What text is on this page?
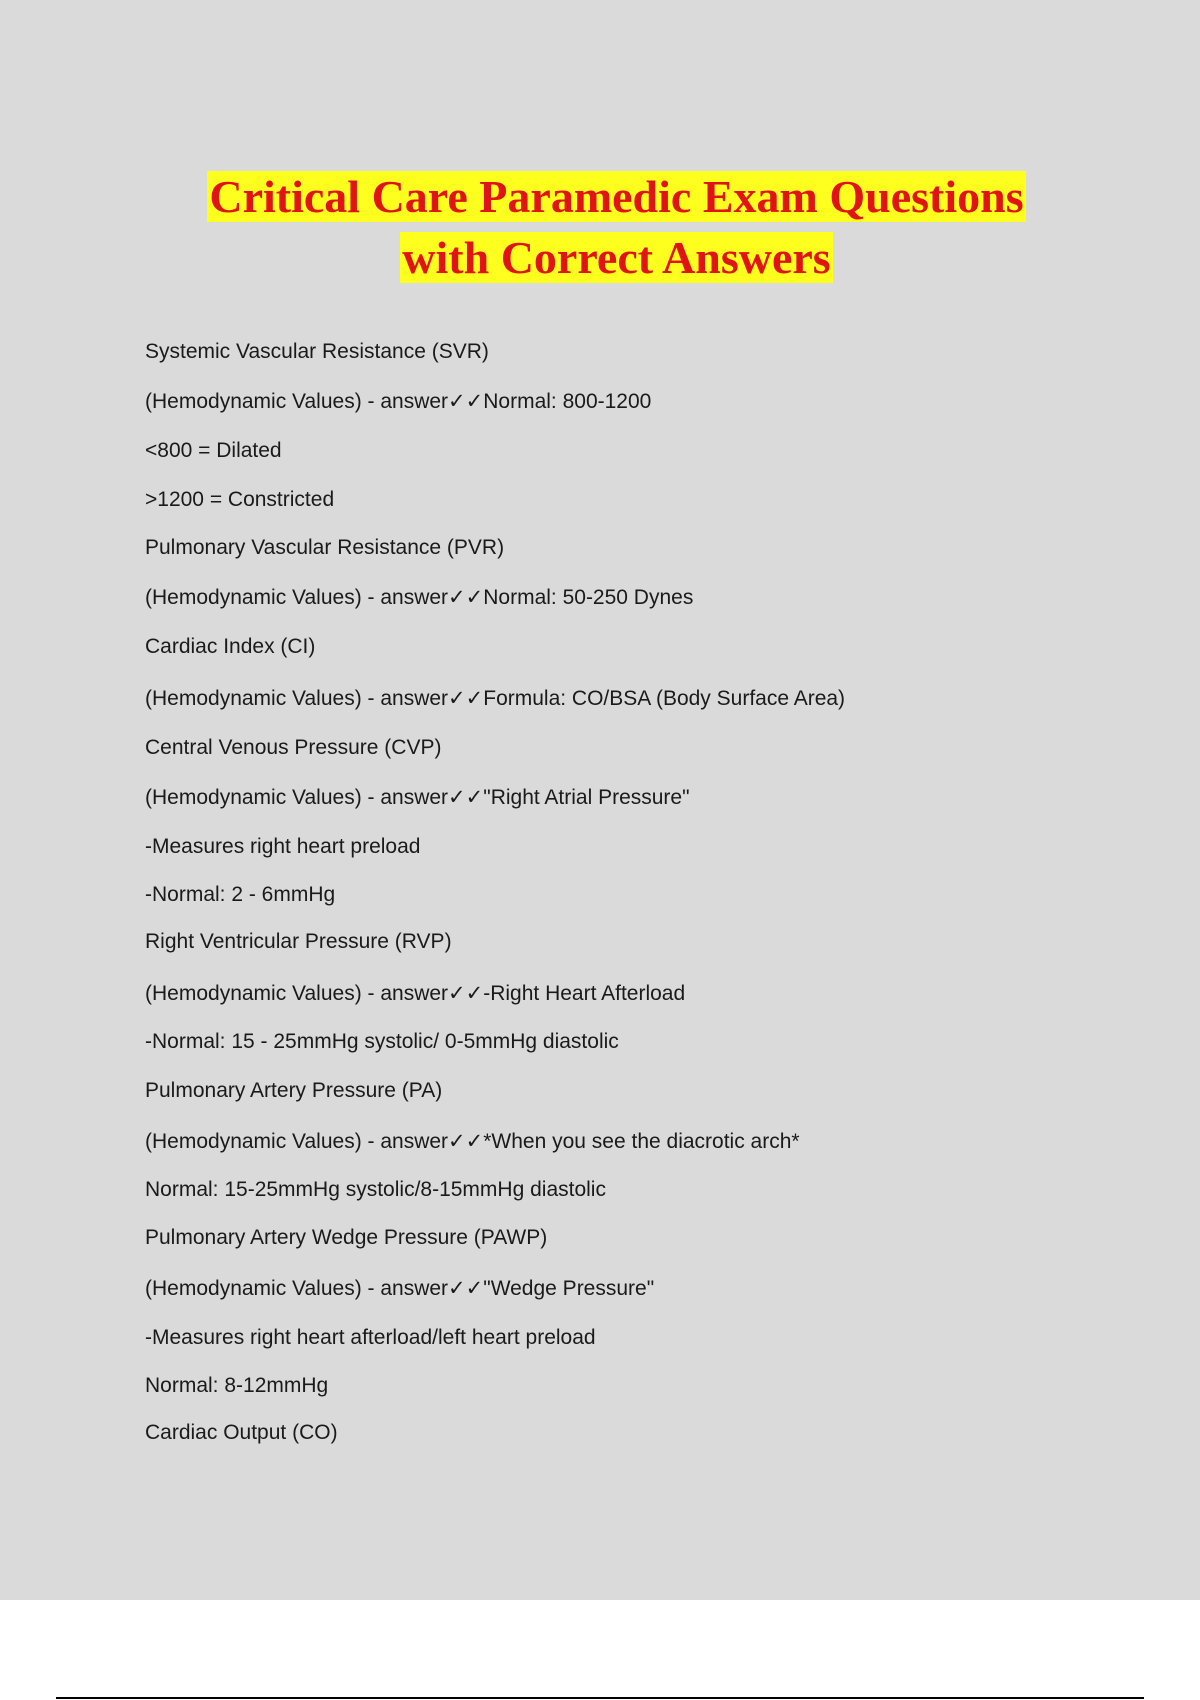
Critical Care Paramedic Exam Questions
with Correct Answers
Systemic Vascular Resistance (SVR)
(Hemodynamic Values) - answer✓✓Normal: 800-1200
<800 = Dilated
>1200 = Constricted
Pulmonary Vascular Resistance (PVR)
(Hemodynamic Values) - answer✓✓Normal: 50-250 Dynes
Cardiac Index (CI)
(Hemodynamic Values) - answer✓✓Formula: CO/BSA (Body Surface Area)
Central Venous Pressure (CVP)
(Hemodynamic Values) - answer✓✓"Right Atrial Pressure"
-Measures right heart preload
-Normal: 2 - 6mmHg
Right Ventricular Pressure (RVP)
(Hemodynamic Values) - answer✓✓-Right Heart Afterload
-Normal: 15 - 25mmHg systolic/ 0-5mmHg diastolic
Pulmonary Artery Pressure (PA)
(Hemodynamic Values) - answer✓✓*When you see the diacrotic arch*
Normal: 15-25mmHg systolic/8-15mmHg diastolic
Pulmonary Artery Wedge Pressure (PAWP)
(Hemodynamic Values) - answer✓✓"Wedge Pressure"
-Measures right heart afterload/left heart preload
Normal: 8-12mmHg
Cardiac Output (CO)
